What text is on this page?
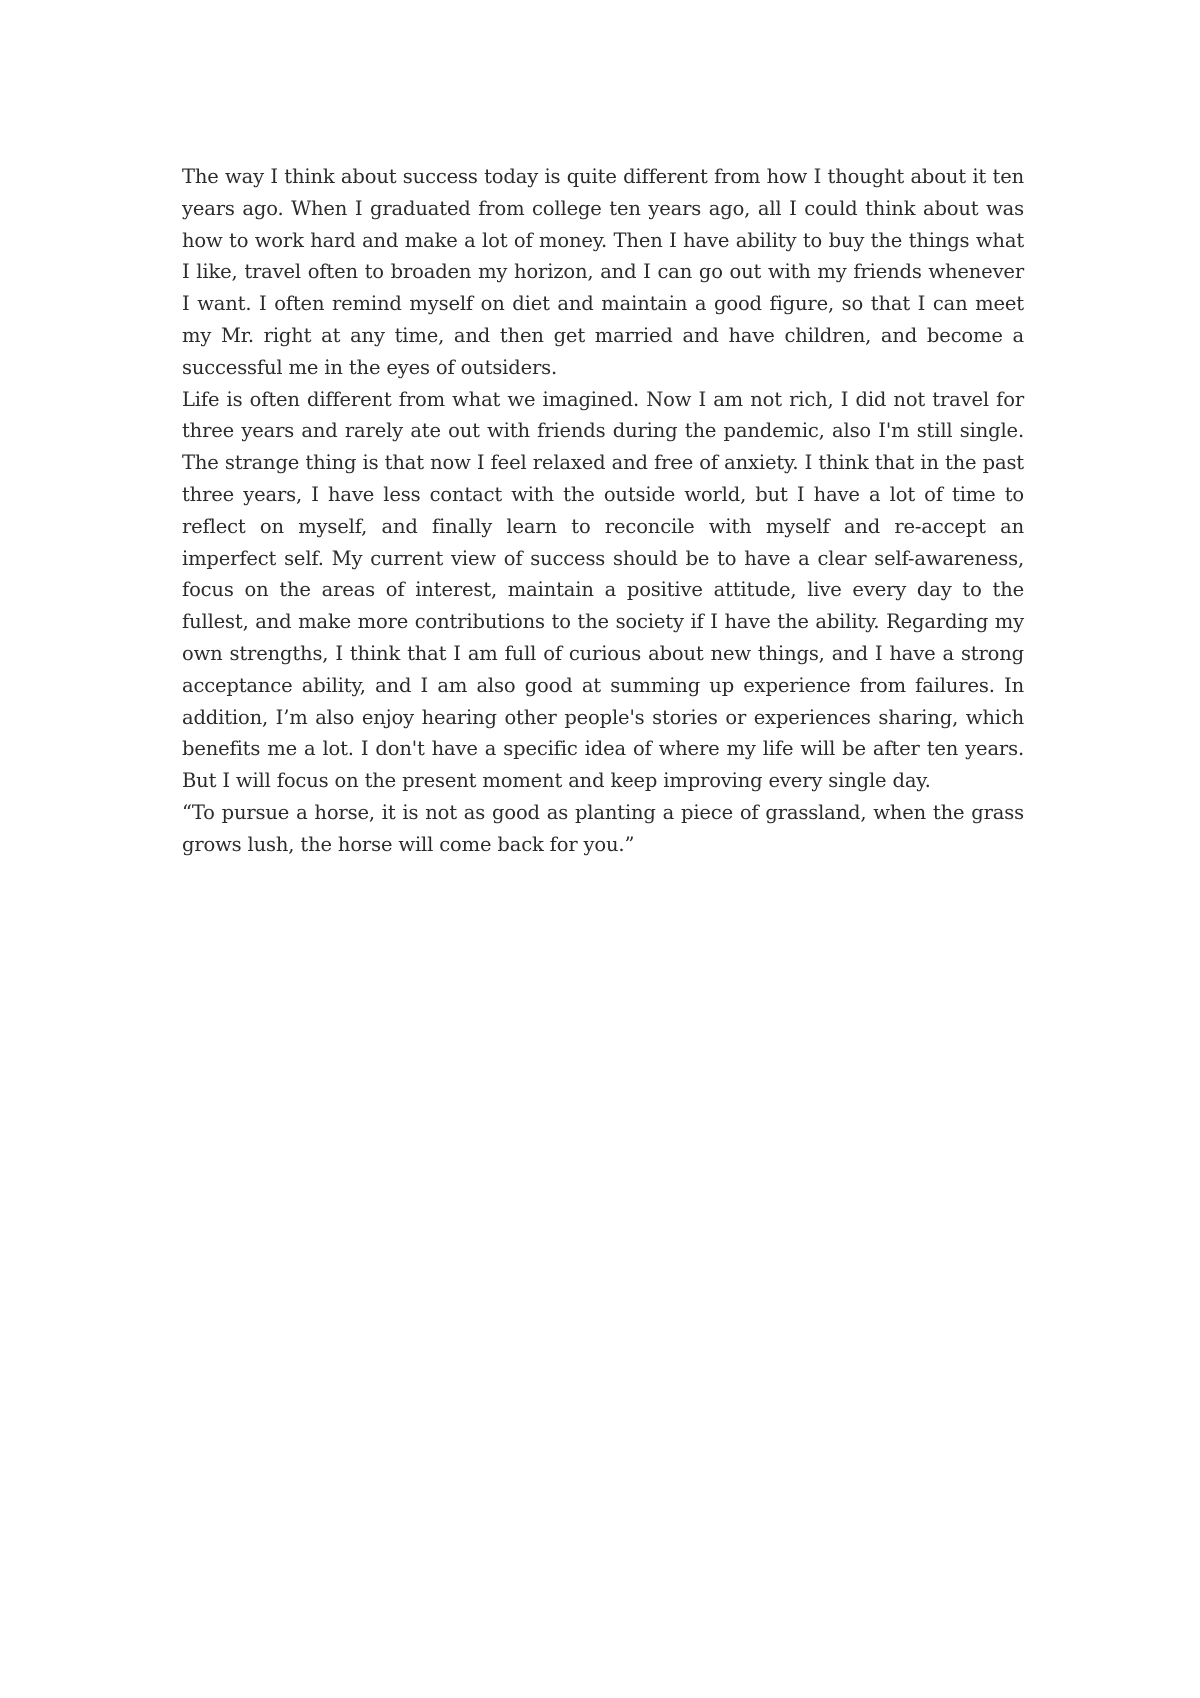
The way I think about success today is quite different from how I thought about it ten years ago. When I graduated from college ten years ago, all I could think about was how to work hard and make a lot of money. Then I have ability to buy the things what I like, travel often to broaden my horizon, and I can go out with my friends whenever I want. I often remind myself on diet and maintain a good figure, so that I can meet my Mr. right at any time, and then get married and have children, and become a successful me in the eyes of outsiders.

Life is often different from what we imagined. Now I am not rich, I did not travel for three years and rarely ate out with friends during the pandemic, also I'm still single. The strange thing is that now I feel relaxed and free of anxiety. I think that in the past three years, I have less contact with the outside world, but I have a lot of time to reflect on myself, and finally learn to reconcile with myself and re-accept an imperfect self. My current view of success should be to have a clear self-awareness, focus on the areas of interest, maintain a positive attitude, live every day to the fullest, and make more contributions to the society if I have the ability. Regarding my own strengths, I think that I am full of curious about new things, and I have a strong acceptance ability, and I am also good at summing up experience from failures. In addition, I’m also enjoy hearing other people's stories or experiences sharing, which benefits me a lot. I don't have a specific idea of where my life will be after ten years. But I will focus on the present moment and keep improving every single day.

“To pursue a horse, it is not as good as planting a piece of grassland, when the grass grows lush, the horse will come back for you.”
